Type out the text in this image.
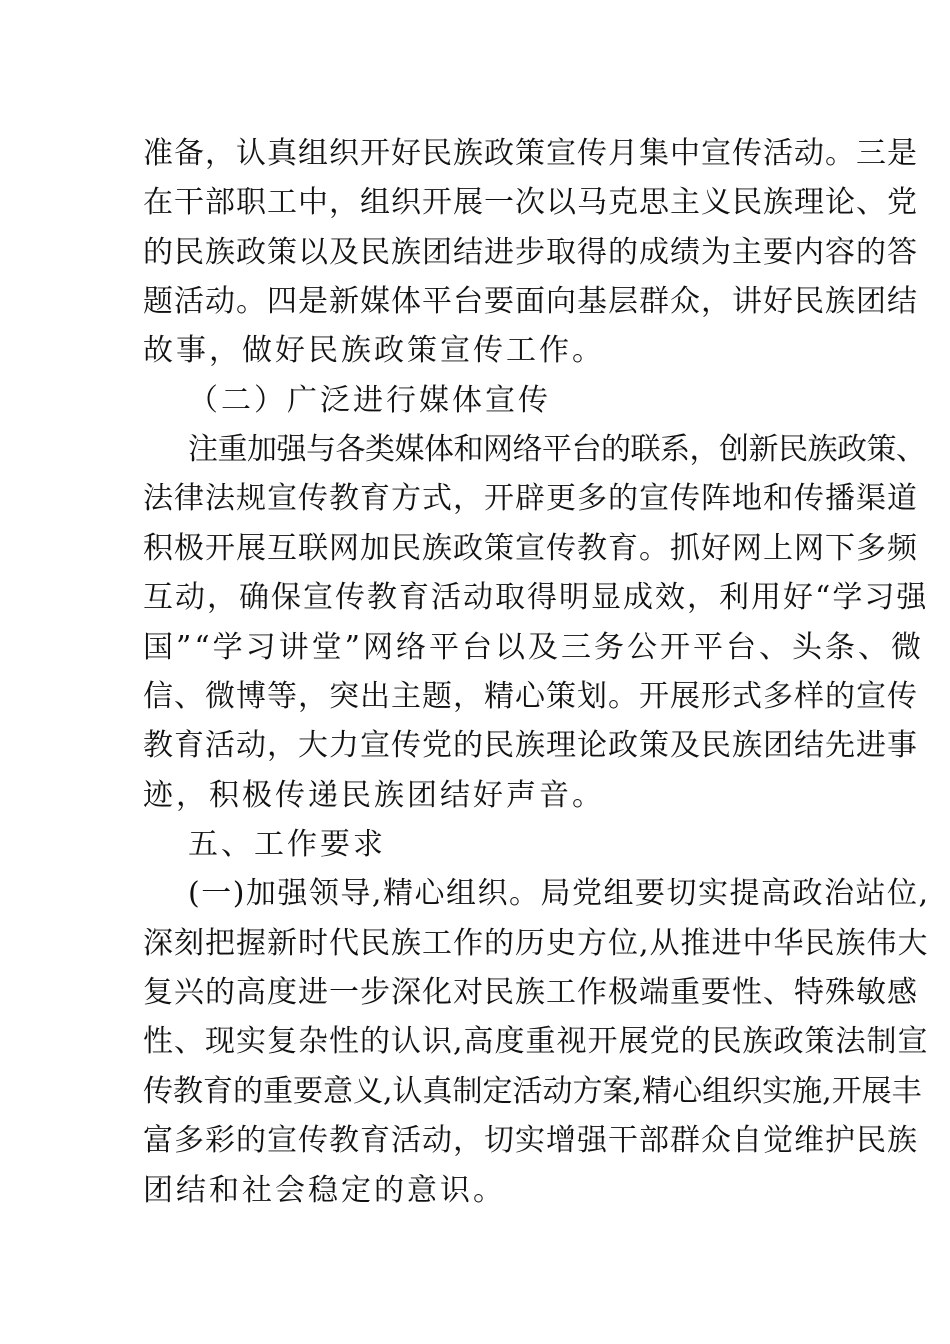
准备，认真组织开好民族政策宣传月集中宣传活动。三是
在干部职工中，组织开展一次以马克思主义民族理论、党
的民族政策以及民族团结进步取得的成绩为主要内容的答
题活动。四是新媒体平台要面向基层群众，讲好民族团结
故事，做好民族政策宣传工作。
（二）广泛进行媒体宣传
注重加强与各类媒体和网络平台的联系，创新民族政策、
法律法规宣传教育方式，开辟更多的宣传阵地和传播渠道
积极开展互联网加民族政策宣传教育。抓好网上网下多频
互动，确保宣传教育活动取得明显成效，利用好“学习强
国”“学习讲堂”网络平台以及三务公开平台、头条、微
信、微博等，突出主题，精心策划。开展形式多样的宣传
教育活动，大力宣传党的民族理论政策及民族团结先进事
迹，积极传递民族团结好声音。
五、工作要求
(一)加强领导,精心组织。局党组要切实提高政治站位,
深刻把握新时代民族工作的历史方位,从推进中华民族伟大
复兴的高度进一步深化对民族工作极端重要性、特殊敏感
性、现实复杂性的认识,高度重视开展党的民族政策法制宣
传教育的重要意义,认真制定活动方案,精心组织实施,开展丰
富多彩的宣传教育活动，切实增强干部群众自觉维护民族
团结和社会稳定的意识。
